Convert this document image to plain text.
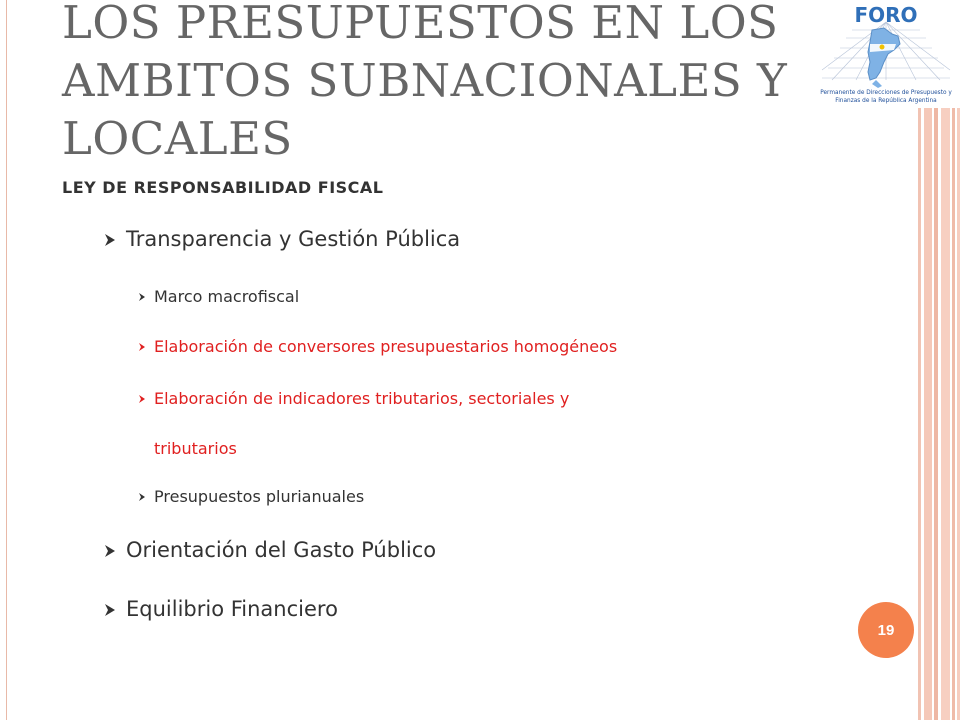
FORO
Permanente de Direcciones de Presupuesto y
Finanzas de la República Argentina
LOS PRESUPUESTOS EN LOS AMBITOS SUBNACIONALES Y LOCALES
LEY DE RESPONSABILIDAD FISCAL
Transparencia y Gestión Pública
Marco macrofiscal
Elaboración de conversores presupuestarios homogéneos
Elaboración de indicadores tributarios, sectoriales y
tributarios
Presupuestos plurianuales
Orientación del Gasto Público
Equilibrio Financiero
19
